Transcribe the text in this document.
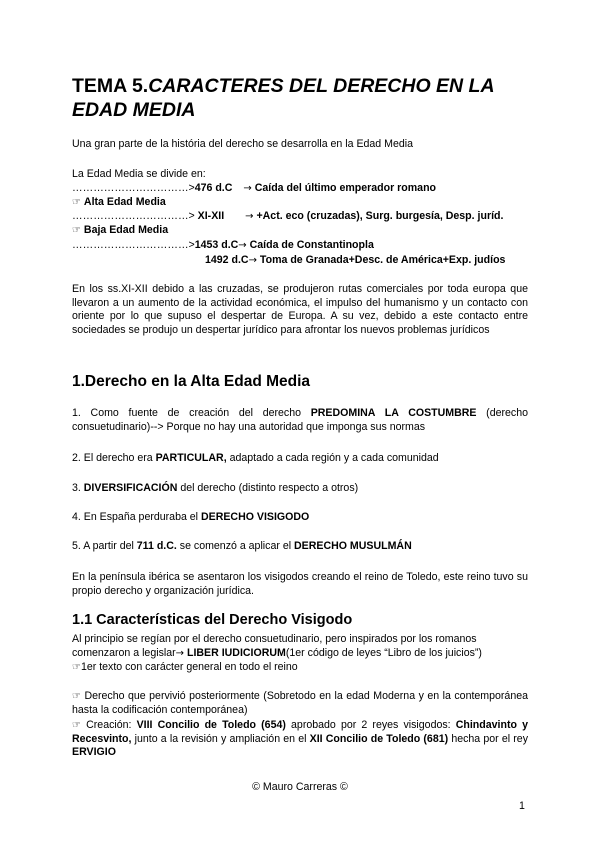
TEMA 5.CARACTERES DEL DERECHO EN LA EDAD MEDIA
Una gran parte de la história del derecho se desarrolla en la Edad Media
La Edad Media se divide en:
……………………………>476 d.C → Caída del último emperador romano
☞ Alta Edad Media
……………………………> XI-XII → +Act. eco (cruzadas), Surg. burgesía, Desp. juríd.
☞ Baja Edad Media
……………………………>1453 d.C→ Caída de Constantinopla
1492 d.C→ Toma de Granada+Desc. de América+Exp. judíos
En los ss.XI-XII debido a las cruzadas, se produjeron rutas comerciales por toda europa que llevaron a un aumento de la actividad económica, el impulso del humanismo y un contacto con oriente por lo que supuso el despertar de Europa. A su vez, debido a este contacto entre sociedades se produjo un despertar jurídico para afrontar los nuevos problemas jurídicos
1.Derecho en la Alta Edad Media
1. Como fuente de creación del derecho PREDOMINA LA COSTUMBRE (derecho consuetudinario)--> Porque no hay una autoridad que imponga sus normas
2. El derecho era PARTICULAR, adaptado a cada región y a cada comunidad
3. DIVERSIFICACIÓN del derecho (distinto respecto a otros)
4. En España perduraba el DERECHO VISIGODO
5. A partir del 711 d.C. se comenzó a aplicar el DERECHO MUSULMÁN
En la península ibérica se asentaron los visigodos creando el reino de Toledo, este reino tuvo su propio derecho y organización jurídica.
1.1 Características del Derecho Visigodo
Al principio se regían por el derecho consuetudinario, pero inspirados por los romanos comenzaron a legislar→ LIBER IUDICIORUM(1er código de leyes “Libro de los juicios”)
☞1er texto con carácter general en todo el reino
☞ Derecho que pervivió posteriormente (Sobretodo en la edad Moderna y en la contemporánea hasta la codificación contemporánea)
☞ Creación: VIII Concilio de Toledo (654) aprobado por 2 reyes visigodos: Chindavinto y Recesvinto, junto a la revisión y ampliación en el XII Concilio de Toledo (681) hecha por el rey ERVIGIO
© Mauro Carreras ©
1
